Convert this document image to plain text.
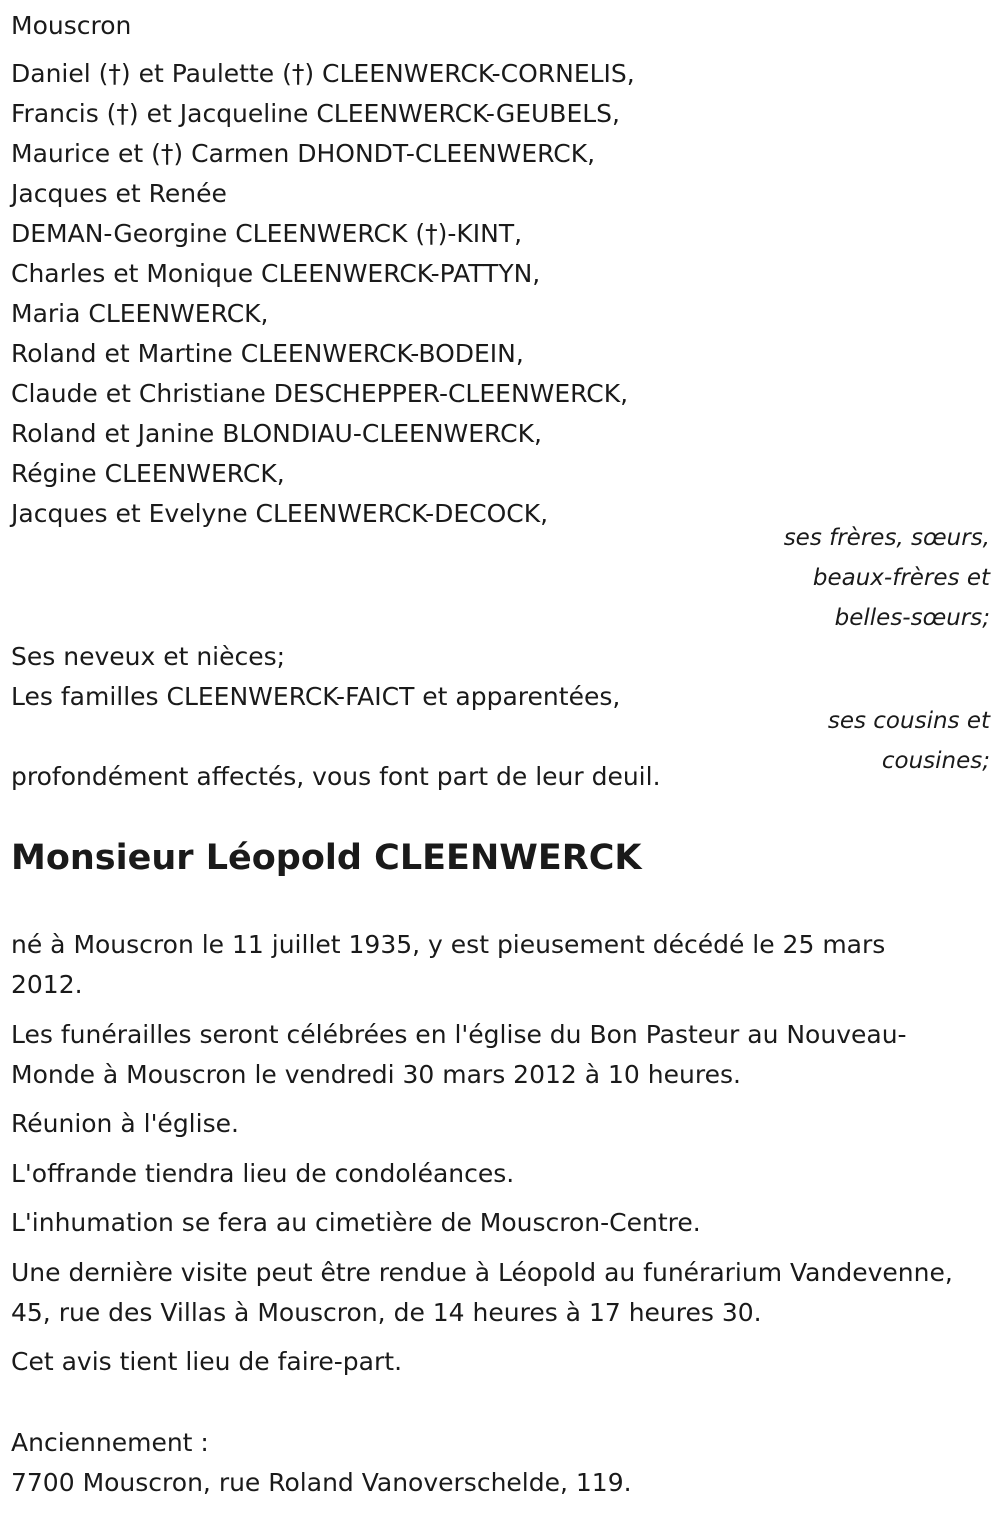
Mouscron
Daniel (†) et Paulette (†) CLEENWERCK-CORNELIS,
Francis (†) et Jacqueline CLEENWERCK-GEUBELS,
Maurice et (†) Carmen DHONDT-CLEENWERCK,
Jacques et Renée
DEMAN-Georgine CLEENWERCK (†)-KINT,
Charles et Monique CLEENWERCK-PATTYN,
Maria CLEENWERCK,
Roland et Martine CLEENWERCK-BODEIN,
Claude et Christiane DESCHEPPER-CLEENWERCK,
Roland et Janine BLONDIAU-CLEENWERCK,
Régine CLEENWERCK,
Jacques et Evelyne CLEENWERCK-DECOCK,
ses frères, sœurs,
beaux-frères et
belles-sœurs;
Ses neveux et nièces;
Les familles CLEENWERCK-FAICT et apparentées,
ses cousins et
cousines;
profondément affectés, vous font part de leur deuil.
Monsieur Léopold CLEENWERCK
né à Mouscron le 11 juillet 1935, y est pieusement décédé le 25 mars 2012.
Les funérailles seront célébrées en l'église du Bon Pasteur au Nouveau-Monde à Mouscron le vendredi 30 mars 2012 à 10 heures.
Réunion à l'église.
L'offrande tiendra lieu de condoléances.
L'inhumation se fera au cimetière de Mouscron-Centre.
Une dernière visite peut être rendue à Léopold au funérarium Vandevenne, 45, rue des Villas à Mouscron, de 14 heures à 17 heures 30.
Cet avis tient lieu de faire-part.
Anciennement :
7700 Mouscron, rue Roland Vanoverschelde, 119.
